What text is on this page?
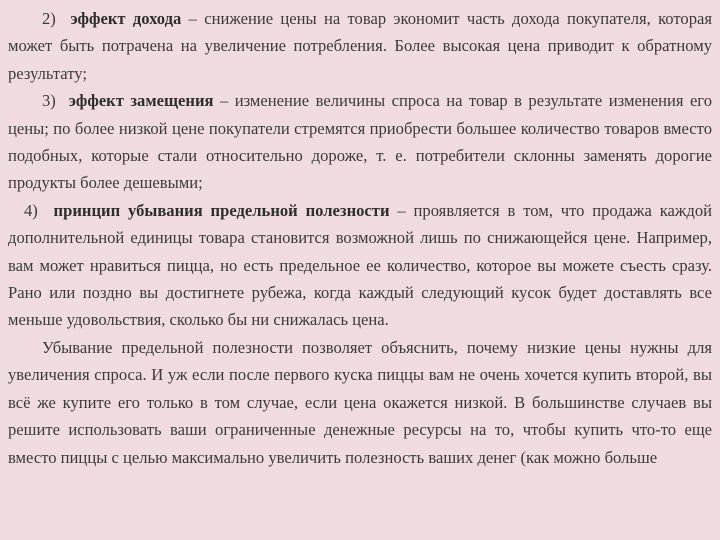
2) эффект дохода – снижение цены на товар экономит часть дохода покупателя, которая может быть потрачена на увеличение потребления. Более высокая цена приводит к обратному результату;

3) эффект замещения – изменение величины спроса на товар в результате изменения его цены; по более низкой цене покупатели стремятся приобрести большее количество товаров вместо подобных, которые стали относительно дороже, т. е. потребители склонны заменять дорогие продукты более дешевыми;

4) принцип убывания предельной полезности – проявляется в том, что продажа каждой дополнительной единицы товара становится возможной лишь по снижающейся цене. Например, вам может нравиться пицца, но есть предельное ее количество, которое вы можете съесть сразу. Рано или поздно вы достигнете рубежа, когда каждый следующий кусок будет доставлять все меньше удовольствия, сколько бы ни снижалась цена.

Убывание предельной полезности позволяет объяснить, почему низкие цены нужны для увеличения спроса. И уж если после первого куска пиццы вам не очень хочется купить второй, вы всё же купите его только в том случае, если цена окажется низкой. В большинстве случаев вы решите использовать ваши ограниченные денежные ресурсы на то, чтобы купить что-то еще вместо пиццы с целью максимально увеличить полезность ваших денег (как можно больше
